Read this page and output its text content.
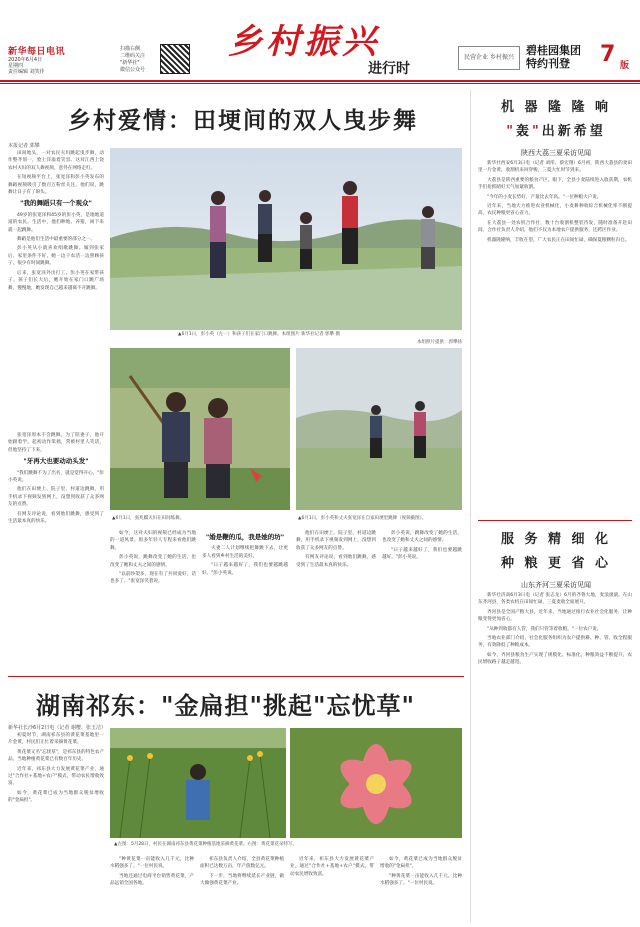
新华每日电讯
2020年6月4日
星期四
责任编辑 刘笑佳
扫描右侧
二维码关注
"新华社"
微信公众号
乡村振兴
进行时
民营企业 乡村振兴
碧桂园集团
特约刊登	7 版
乡村爱情：田埂间的双人曳步舞
本报记者 郭攀

田间地头，一对农民夫妇跳起曳步舞，动作整齐划一，脸上洋溢着笑容。这对江西上饶农村夫妇的双人舞视频，意外在网络走红。

在短视频平台上，张宽泽和彭小英发布的舞蹈视频吸引了数百万粉丝关注。他们说，跳舞让日子有了盼头。

"我的舞蹈只有一个观众"

49岁的张宽泽和45岁的彭小英，是地地道道的农民。生活中，他们种地、养猪，闲下来就一起跳舞。

舞蹈是他们生活中最重要的部分之一。

彭小英从小就喜欢唱歌跳舞。嫁到张家后，家里条件不好，她一边干农活一边照顾孩子，很少有时间跳舞。

后来，张宽泽外出打工，彭小英在家带孩子。孩子们长大后，她开始在家门口跳广场舞，慢慢地，她发现自己越来越离不开跳舞。

张宽泽原本不会跳舞。为了陪妻子，他开始跟着学。起初动作笨拙，常被村里人笑话，但他坚持了下来。

"牙再大也要动动头发"

"我们跳舞不为了出名，就是觉得开心。"彭小英说。

他们在田埂上、院子里、村道边跳舞，用手机录下视频发到网上，没想到收获了众多网友的点赞。

有网友评论说，看到他们跳舞，感受到了生活最本真的快乐。

▲6月1日，彭小英（左一）和孩子们在家门口跳舞。本组图片 新华社记者 郭攀 摄
本组照片提供：郭攀扬
▲6月1日，張兆麒夫妇在田间练舞。	▲6月1日，彭小英和丈夫张宽泽在自家田埂里跳舞（视频截图）。

如今，这对夫妇的视频已经成为当地的一道风景。很多年轻人专程来看他们跳舞。

彭小英说，跳舞改变了她的生活，也改变了她和丈夫之间的感情。

"以前吵架多，现在有了共同爱好，话也多了。"张宽泽笑着说。

"婚是鞭的瓜，我是她的坊"

夫妻二人计划继续把舞跳下去，让更多人看到乡村生活的美好。

"日子越来越好了，我们也要越跳越好。"彭小英说。

他们在田埂上、院子里、村道边跳舞，用手机录下视频发到网上，没想到收获了众多网友的点赞。

有网友评论说，看到他们跳舞，感受到了生活最本真的快乐。

彭小英说，跳舞改变了她的生活，也改变了她和丈夫之间的感情。

"日子越来越好了，我们也要越跳越好。"彭小英说。

湖南祁东："金扁担"挑起"忘忧草"
新华社长沙6月2日电（记者 谢樱、张玉洁）

初夏时节，湖南祁东县的黄花菜基地里一片金黄，村民们正忙着采摘黄花菜。

黄花菜又名"忘忧草"，是祁东县的特色农产品。当地种植黄花菜已有数百年历史。

近年来，祁东县大力发展黄花菜产业，通过"合作社+基地+农户"模式，带动农民增收致富。

如今，黄花菜已成为当地群众脱贫增收的"金扁担"。

▲左图：5月28日，村民在湖南祁东县黄花菜种植基地采摘黄花菜。右图：黄花菜花朵特写。

"种黄花菜一亩能收入几千元，比种水稻强多了。"一位村民说。

当地还通过电商平台销售黄花菜，产品远销全国各地。

祁东县负责人介绍，全县黄花菜种植面积已达数万亩，年产值数亿元。

下一步，当地将继续延长产业链，做大做强黄花菜产业。

近年来，祁东县大力发展黄花菜产业，通过"合作社+基地+农户"模式，带动农民增收致富。

如今，黄花菜已成为当地群众脱贫增收的"金扁担"。

"种黄花菜一亩能收入几千元，比种水稻强多了。"一位村民说。

机 器 隆 隆 响
"轰"出新希望
陕西大荔三夏采访见闻

新华社西安6月3日电（记者 刘彤、蔡宏翔）6月初，陕西大荔县的麦田里一片金黄，收割机来回穿梭，三夏大忙时节到来。

大荔县是陕西重要的粮食产区。眼下，全县小麦陆续进入收获期，农机手们抢抓晴好天气加紧收割。

"今年的小麦长势好，产量比去年高。"一位种粮大户说。

近年来，当地大力推进农业机械化，小麦耕种收综合机械化率不断提高，农民种粮更省心省力。

在大荔县一处农机合作社，数十台收割机整装待发，随时准备开赴田间。合作社负责人介绍，他们不仅为本地农户提供服务，还跨区作业。

机器隆隆响，丰收在望。广大农民正在田间忙碌，确保夏粮颗粒归仓。

服 务 精 细 化
种 粮 更 省 心
山东齐河三夏采访见闻

新华社济南6月3日电（记者 张志龙）6月的齐鲁大地，麦浪滚滚。在山东齐河县，各类农机在田间忙碌，三夏麦收全面展开。

齐河县是全国产粮大县。近年来，当地通过推行农业社会化服务，让种粮变得更加省心。

"从种到收都有人管，我们只管等着收粮。"一位农户说。

当地农业部门介绍，社会化服务组织为农户提供耕、种、管、收全程服务，有效降低了种粮成本。

如今，齐河县粮食生产实现了规模化、标准化，种粮效益不断提升，农民增收路子越走越宽。
